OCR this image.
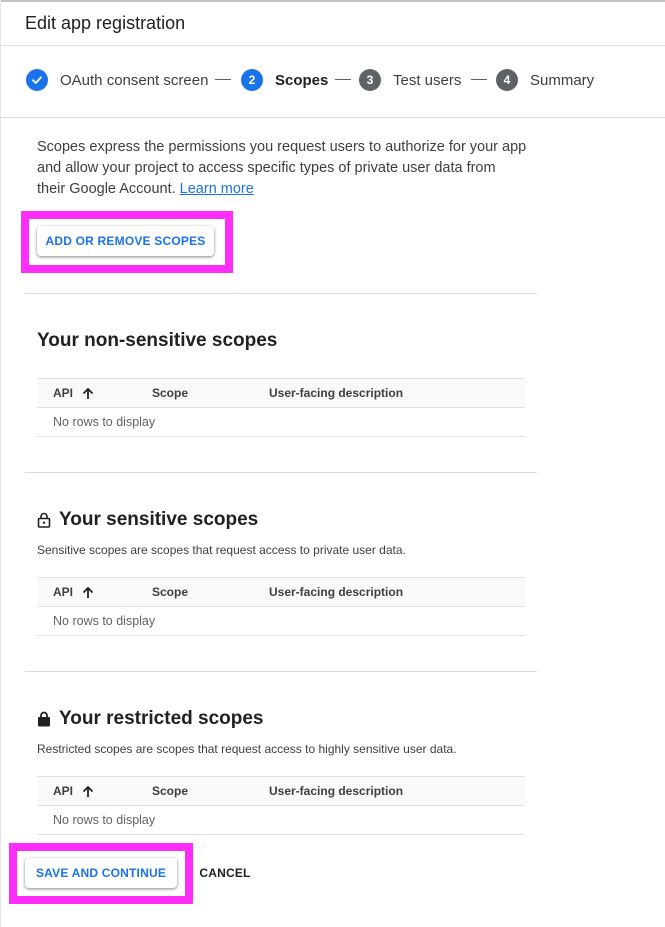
Edit app registration
OAuth consent screen	2	Scopes	3	Test users	4	Summary
Scopes express the permissions you request users to authorize for your app and allow your project to access specific types of private user data from their Google Account. Learn more
ADD OR REMOVE SCOPES
Your non-sensitive scopes
API	Scope	User-facing description
No rows to display
Your sensitive scopes
Sensitive scopes are scopes that request access to private user data.
API	Scope	User-facing description
No rows to display
Your restricted scopes
Restricted scopes are scopes that request access to highly sensitive user data.
API	Scope	User-facing description
No rows to display
SAVE AND CONTINUE	CANCEL
